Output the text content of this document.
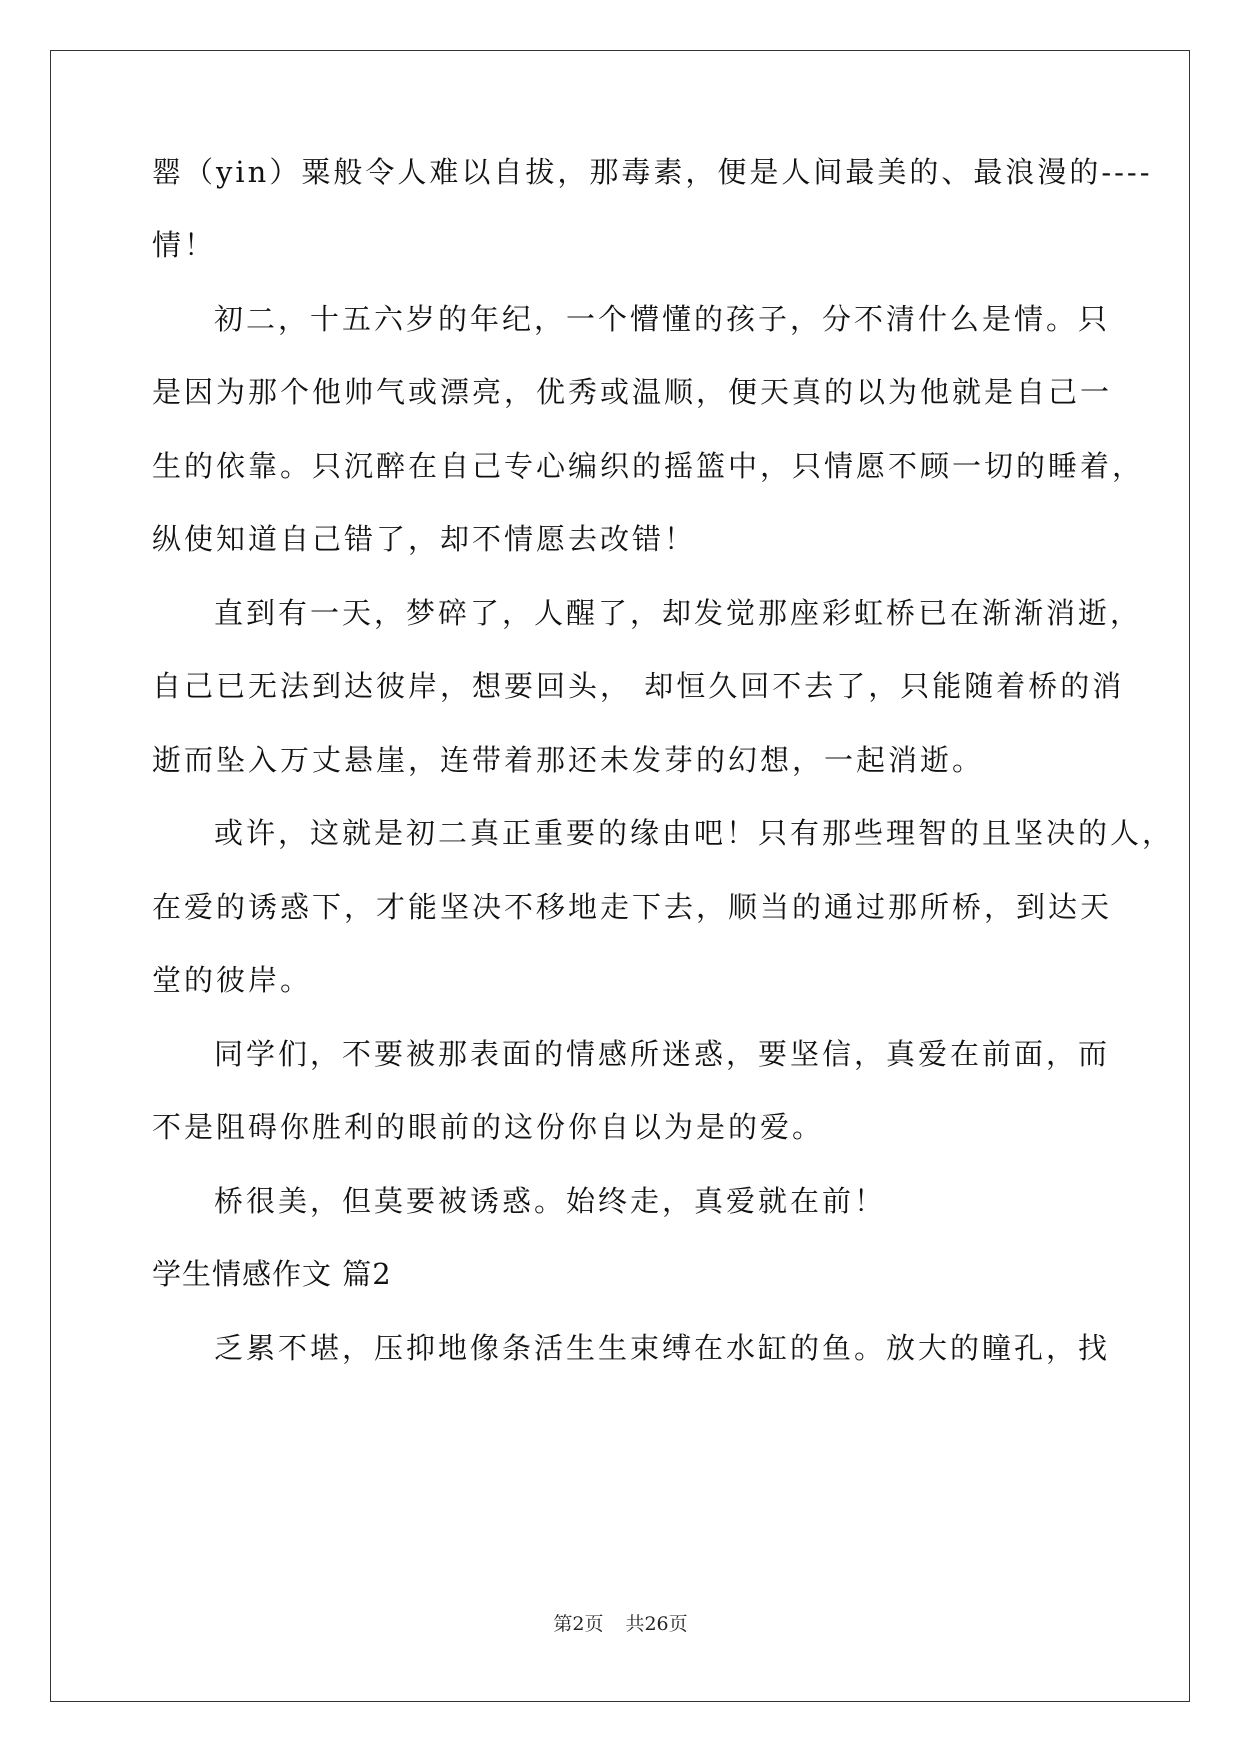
罂（yin）粟般令人难以自拔，那毒素，便是人间最美的、最浪漫的----
情！
初二，十五六岁的年纪，一个懵懂的孩子，分不清什么是情。只
是因为那个他帅气或漂亮，优秀或温顺，便天真的以为他就是自己一
生的依靠。只沉醉在自己专心编织的摇篮中，只情愿不顾一切的睡着，
纵使知道自己错了，却不情愿去改错！
直到有一天，梦碎了，人醒了，却发觉那座彩虹桥已在渐渐消逝，
自己已无法到达彼岸，想要回头， 却恒久回不去了，只能随着桥的消
逝而坠入万丈悬崖，连带着那还未发芽的幻想，一起消逝。
或许，这就是初二真正重要的缘由吧！只有那些理智的且坚决的人，
在爱的诱惑下，才能坚决不移地走下去，顺当的通过那所桥，到达天
堂的彼岸。
同学们，不要被那表面的情感所迷惑，要坚信，真爱在前面，而
不是阻碍你胜利的眼前的这份你自以为是的爱。
桥很美，但莫要被诱惑。始终走，真爱就在前！
学生情感作文 篇2
乏累不堪，压抑地像条活生生束缚在水缸的鱼。放大的瞳孔，找
第2页 共26页
